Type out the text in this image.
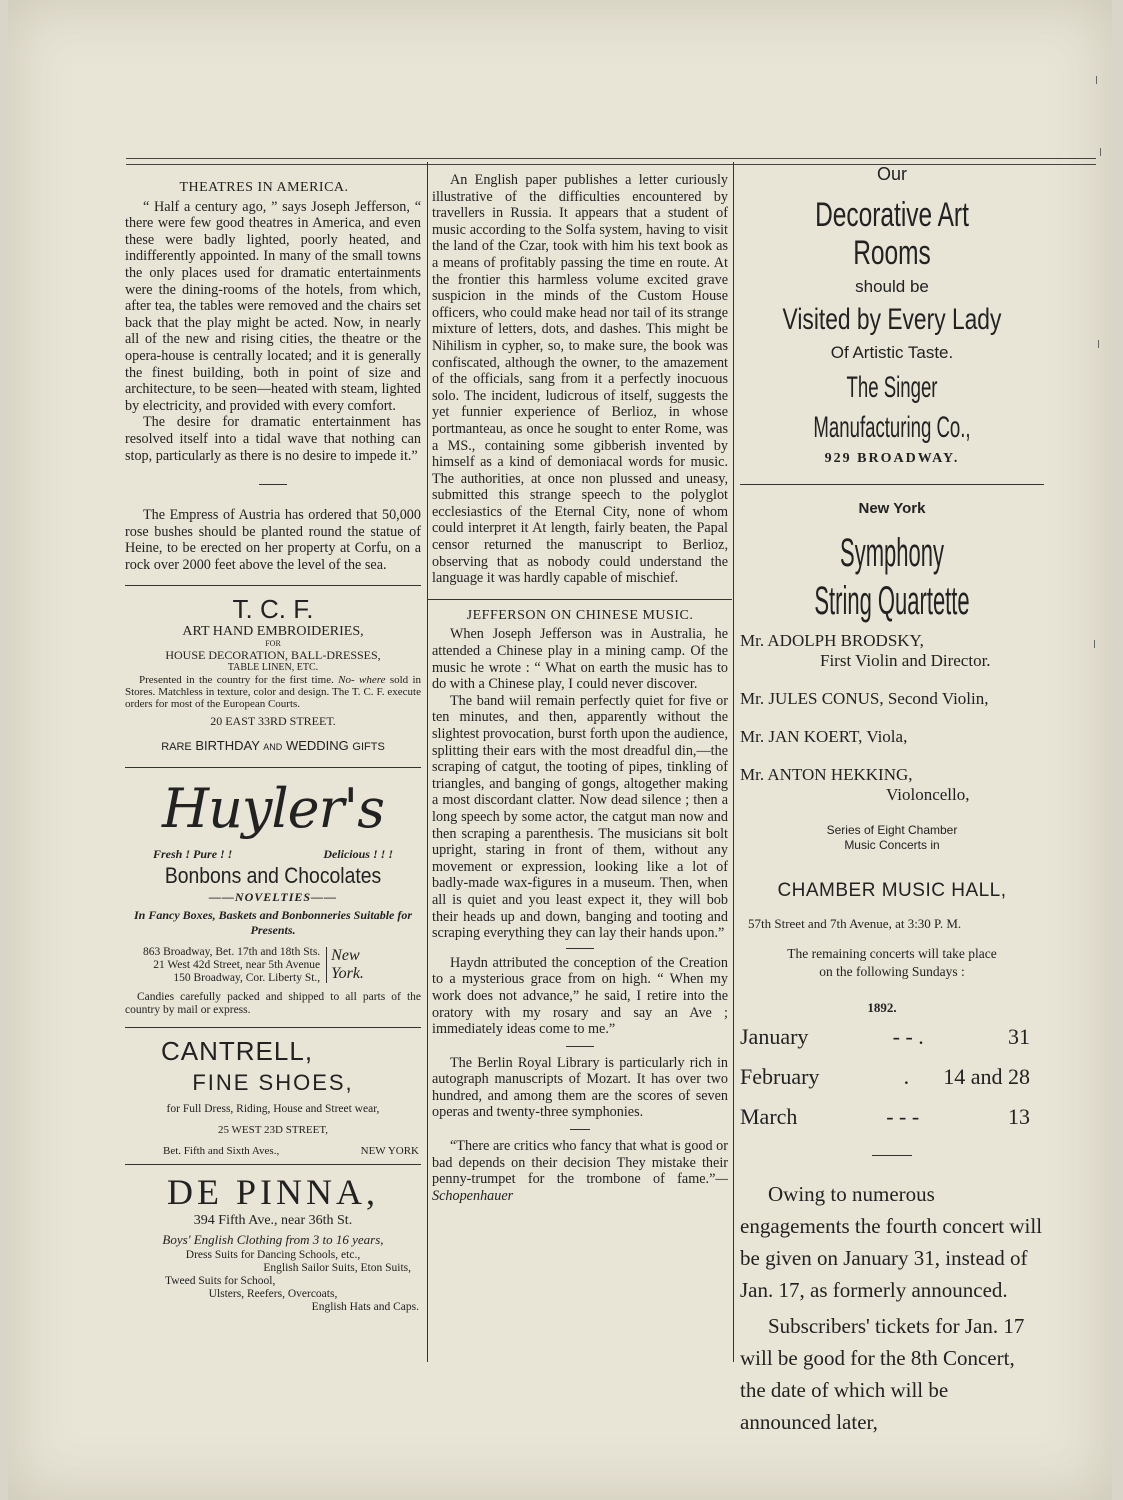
THEATRES IN AMERICA.

“ Half a century ago, ” says Joseph Jefferson, “ there were few good theatres in America, and even these were badly lighted, poorly heated, and indifferently appointed. In many of the small towns the only places used for dramatic entertainments were the dining-rooms of the hotels, from which, after tea, the tables were removed and the chairs set back that the play might be acted. Now, in nearly all of the new and rising cities, the theatre or the opera-house is centrally located; and it is generally the finest building, both in point of size and architecture, to be seen—heated with steam, lighted by electricity, and provided with every comfort.

The desire for dramatic entertainment has resolved itself into a tidal wave that nothing can stop, particularly as there is no desire to impede it.”

The Empress of Austria has ordered that 50,000 rose bushes should be planted round the statue of Heine, to be erected on her property at Corfu, on a rock over 2000 feet above the level of the sea.

T. C. F.
ART HAND EMBROIDERIES,
FOR
HOUSE DECORATION, BALL-DRESSES,
TABLE LINEN, ETC.
Presented in the country for the first time. No- where sold in Stores. Matchless in texture, color and design. The T. C. F. execute orders for most of the European Courts.
20 EAST 33RD STREET.
RARE BIRTHDAY AND WEDDING GIFTS
Huyler's
Fresh ! Pure ! !	Delicious ! ! !
Bonbons and Chocolates
——NOVELTIES——
In Fancy Boxes, Baskets and Bonbonneries Suitable for Presents.
863 Broadway, Bet. 17th and 18th Sts.
21 West 42d Street, near 5th Avenue
150 Broadway, Cor. Liberty St.,
New
York.
Candies carefully packed and shipped to all parts of the country by mail or express.
CANTRELL,
FINE SHOES,
for Full Dress, Riding, House and Street wear,
25 WEST 23D STREET,
Bet. Fifth and Sixth Aves.,	NEW YORK
DE PINNA,
394 Fifth Ave., near 36th St.
Boys' English Clothing from 3 to 16 years,
Dress Suits for Dancing Schools, etc.,
English Sailor Suits, Eton Suits,
Tweed Suits for School,
Ulsters, Reefers, Overcoats,
English Hats and Caps.

An English paper publishes a letter curiously illustrative of the difficulties encountered by travellers in Russia. It appears that a student of music according to the Solfa system, having to visit the land of the Czar, took with him his text book as a means of profitably passing the time en route. At the frontier this harmless volume excited grave suspicion in the minds of the Custom House officers, who could make head nor tail of its strange mixture of letters, dots, and dashes. This might be Nihilism in cypher, so, to make sure, the book was confiscated, although the owner, to the amazement of the officials, sang from it a perfectly inocuous solo. The incident, ludicrous of itself, suggests the yet funnier experience of Berlioz, in whose portmanteau, as once he sought to enter Rome, was a MS., containing some gibberish invented by himself as a kind of demoniacal words for music. The authorities, at once non plussed and uneasy, submitted this strange speech to the polyglot ecclesiastics of the Eternal City, none of whom could interpret it At length, fairly beaten, the Papal censor returned the manuscript to Berlioz, observing that as nobody could understand the language it was hardly capable of mischief.

JEFFERSON ON CHINESE MUSIC.

When Joseph Jefferson was in Australia, he attended a Chinese play in a mining camp. Of the music he wrote : “ What on earth the music has to do with a Chinese play, I could never discover.

The band wiil remain perfectly quiet for five or ten minutes, and then, apparently without the slightest provocation, burst forth upon the audience, splitting their ears with the most dreadful din,—the scraping of catgut, the tooting of pipes, tinkling of triangles, and banging of gongs, altogether making a most discordant clatter. Now dead silence ; then a long speech by some actor, the catgut man now and then scraping a parenthesis. The musicians sit bolt upright, staring in front of them, without any movement or expression, looking like a lot of badly-made wax-figures in a museum. Then, when all is quiet and you least expect it, they will bob their heads up and down, banging and tooting and scraping everything they can lay their hands upon.”

Haydn attributed the conception of the Creation to a mysterious grace from on high. “ When my work does not advance,” he said, I retire into the oratory with my rosary and say an Ave ; immediately ideas come to me.”

The Berlin Royal Library is particularly rich in autograph manuscripts of Mozart. It has over two hundred, and among them are the scores of seven operas and twenty-three symphonies.

“There are critics who fancy that what is good or bad depends on their decision They mistake their penny-trumpet for the trombone of fame.”—Schopenhauer

Our
Decorative Art Rooms
should be
Visited by Every Lady
Of Artistic Taste.
The Singer Manufacturing Co.,
929 BROADWAY.
New York
Symphony String Quartette
Mr. ADOLPH BRODSKY,
First Violin and Director.
Mr. JULES CONUS, Second Violin,
Mr. JAN KOERT, Viola,
Mr. ANTON HEKKING,
Violoncello,
Series of Eight Chamber
Music Concerts in
CHAMBER MUSIC HALL,
57th Street and 7th Avenue, at 3:30 P. M.
The remaining concerts will take place
on the following Sundays :
1892.
January	- - .	31
February	. 14 and 28
March	- - -	13
Owing to numerous engagements the fourth concert will be given on January 31, instead of Jan. 17, as formerly announced.
Subscribers' tickets for Jan. 17 will be good for the 8th Concert, the date of which will be announced later,
